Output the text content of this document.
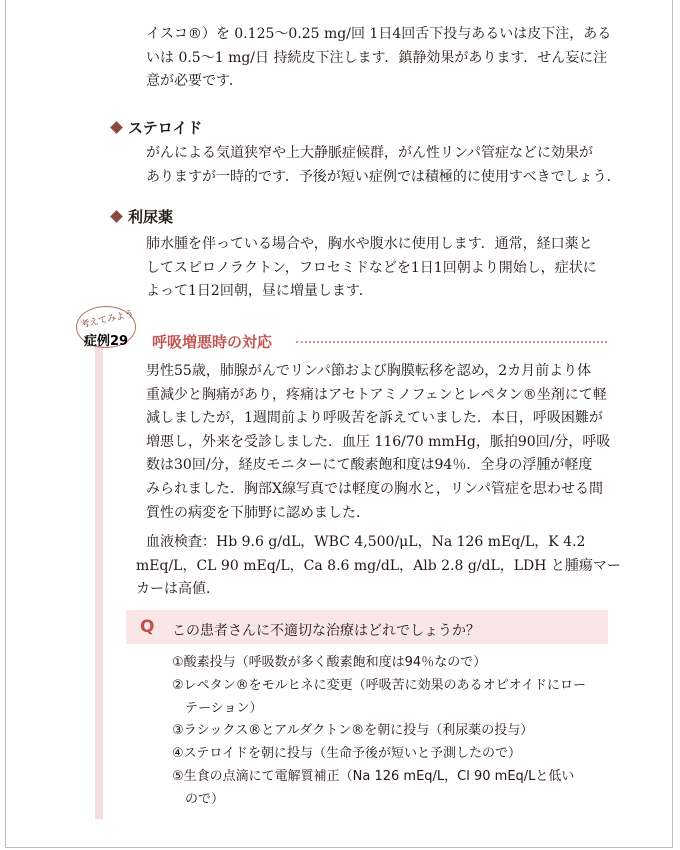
イスコ®）を 0.125～0.25 mg/回 1日4回舌下投与あるいは皮下注，ある
いは 0.5～1 mg/日 持続皮下注します．鎮静効果があります．せん妄に注
意が必要です．
ステロイド
がんによる気道狭窄や上大静脈症候群，がん性リンパ管症などに効果が
ありますが一時的です．予後が短い症例では積極的に使用すべきでしょう．
利尿薬
肺水腫を伴っている場合や，胸水や腹水に使用します．通常，経口薬と
してスピロノラクトン，フロセミドなどを1日1回朝より開始し，症状に
よって1日2回朝，昼に増量します．
考えてみよう
症例29 呼吸増悪時の対応
男性55歳，肺腺がんでリンパ節および胸膜転移を認め，2カ月前より体
重減少と胸痛があり，疼痛はアセトアミノフェンとレペタン®坐剤にて軽
減しましたが，1週間前より呼吸苦を訴えていました．本日，呼吸困難が
増悪し，外来を受診しました．血圧 116/70 mmHg，脈拍90回/分，呼吸
数は30回/分，経皮モニターにて酸素飽和度は94％．全身の浮腫が軽度
みられました．胸部X線写真では軽度の胸水と，リンパ管症を思わせる間
質性の病変を下肺野に認めました．
血液検査：Hb 9.6 g/dL，WBC 4,500/μL，Na 126 mEq/L，K 4.2
mEq/L，CL 90 mEq/L，Ca 8.6 mg/dL，Alb 2.8 g/dL，LDH と腫瘍マー
カーは高値．
Q この患者さんに不適切な治療はどれでしょうか？
①酸素投与（呼吸数が多く酸素飽和度は94％なので）
②レペタン®をモルヒネに変更（呼吸苦に効果のあるオピオイドにロー
　テーション）
③ラシックス®とアルダクトン®を朝に投与（利尿薬の投与）
④ステロイドを朝に投与（生命予後が短いと予測したので）
⑤生食の点滴にて電解質補正（Na 126 mEq/L，Cl 90 mEq/Lと低い
　ので）
